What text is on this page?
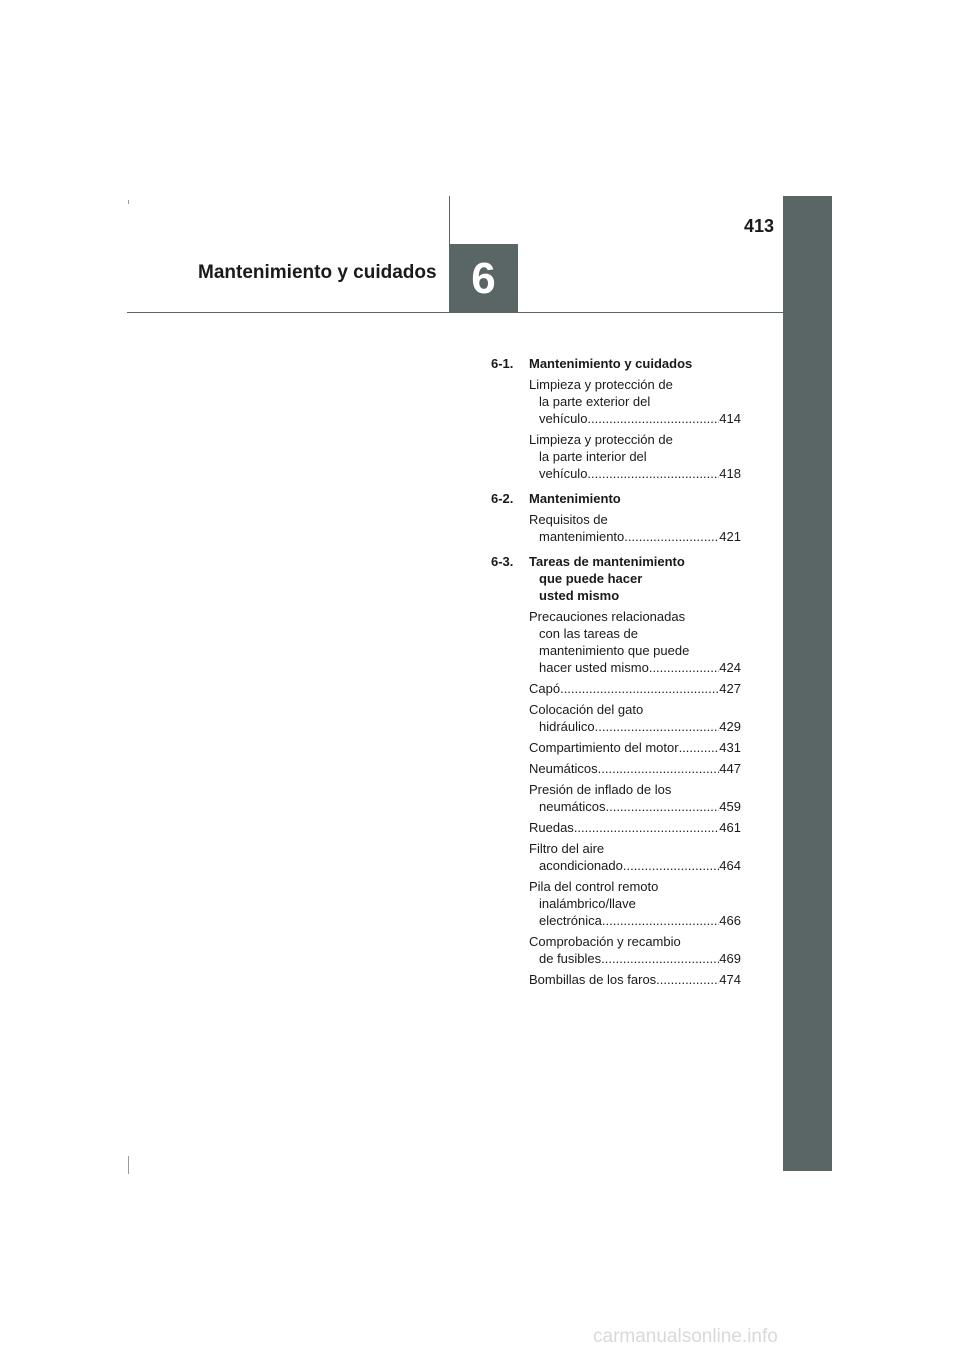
413
6
Mantenimiento y cuidados
6-1.	Mantenimiento y cuidados
Limpieza y protección de
la parte exterior del
vehículo .....	414
Limpieza y protección de
la parte interior del
vehículo .....	418
6-2.	Mantenimiento
Requisitos de
mantenimiento .....	421
6-3.	Tareas de mantenimiento
que puede hacer
usted mismo
Precauciones relacionadas
con las tareas de
mantenimiento que puede
hacer usted mismo .....	424
Capó .....	427
Colocación del gato
hidráulico .....	429
Compartimiento del motor .....	431
Neumáticos .....	447
Presión de inflado de los
neumáticos .....	459
Ruedas .....	461
Filtro del aire
acondicionado .....	464
Pila del control remoto
inalámbrico/llave
electrónica .....	466
Comprobación y recambio
de fusibles .....	469
Bombillas de los faros .....	474
carmanualsonline.info
